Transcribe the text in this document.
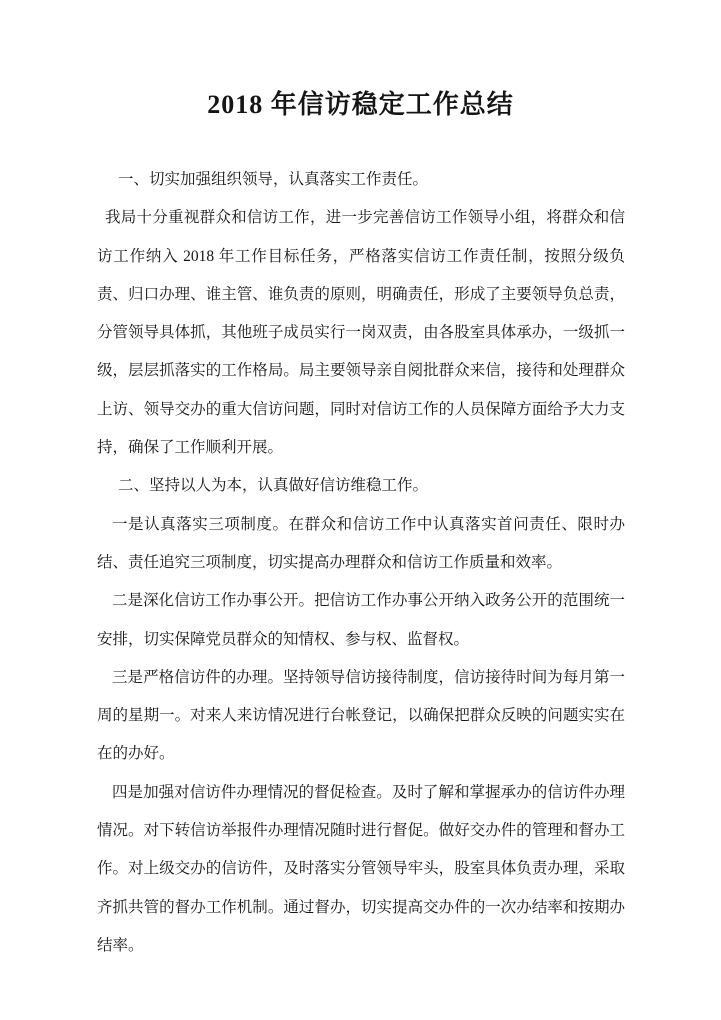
2018 年信访稳定工作总结

一、切实加强组织领导，认真落实工作责任。

我局十分重视群众和信访工作，进一步完善信访工作领导小组，将群众和信访工作纳入 2018 年工作目标任务，严格落实信访工作责任制，按照分级负责、归口办理、谁主管、谁负责的原则，明确责任，形成了主要领导负总责，分管领导具体抓，其他班子成员实行一岗双责，由各股室具体承办，一级抓一级，层层抓落实的工作格局。局主要领导亲自阅批群众来信，接待和处理群众上访、领导交办的重大信访问题，同时对信访工作的人员保障方面给予大力支持，确保了工作顺利开展。

二、坚持以人为本，认真做好信访维稳工作。

一是认真落实三项制度。在群众和信访工作中认真落实首问责任、限时办结、责任追究三项制度，切实提高办理群众和信访工作质量和效率。

二是深化信访工作办事公开。把信访工作办事公开纳入政务公开的范围统一安排，切实保障党员群众的知情权、参与权、监督权。

三是严格信访件的办理。坚持领导信访接待制度，信访接待时间为每月第一周的星期一。对来人来访情况进行台帐登记，以确保把群众反映的问题实实在在的办好。

四是加强对信访件办理情况的督促检查。及时了解和掌握承办的信访件办理情况。对下转信访举报件办理情况随时进行督促。做好交办件的管理和督办工作。对上级交办的信访件，及时落实分管领导牢头，股室具体负责办理，采取齐抓共管的督办工作机制。通过督办，切实提高交办件的一次办结率和按期办结率。
